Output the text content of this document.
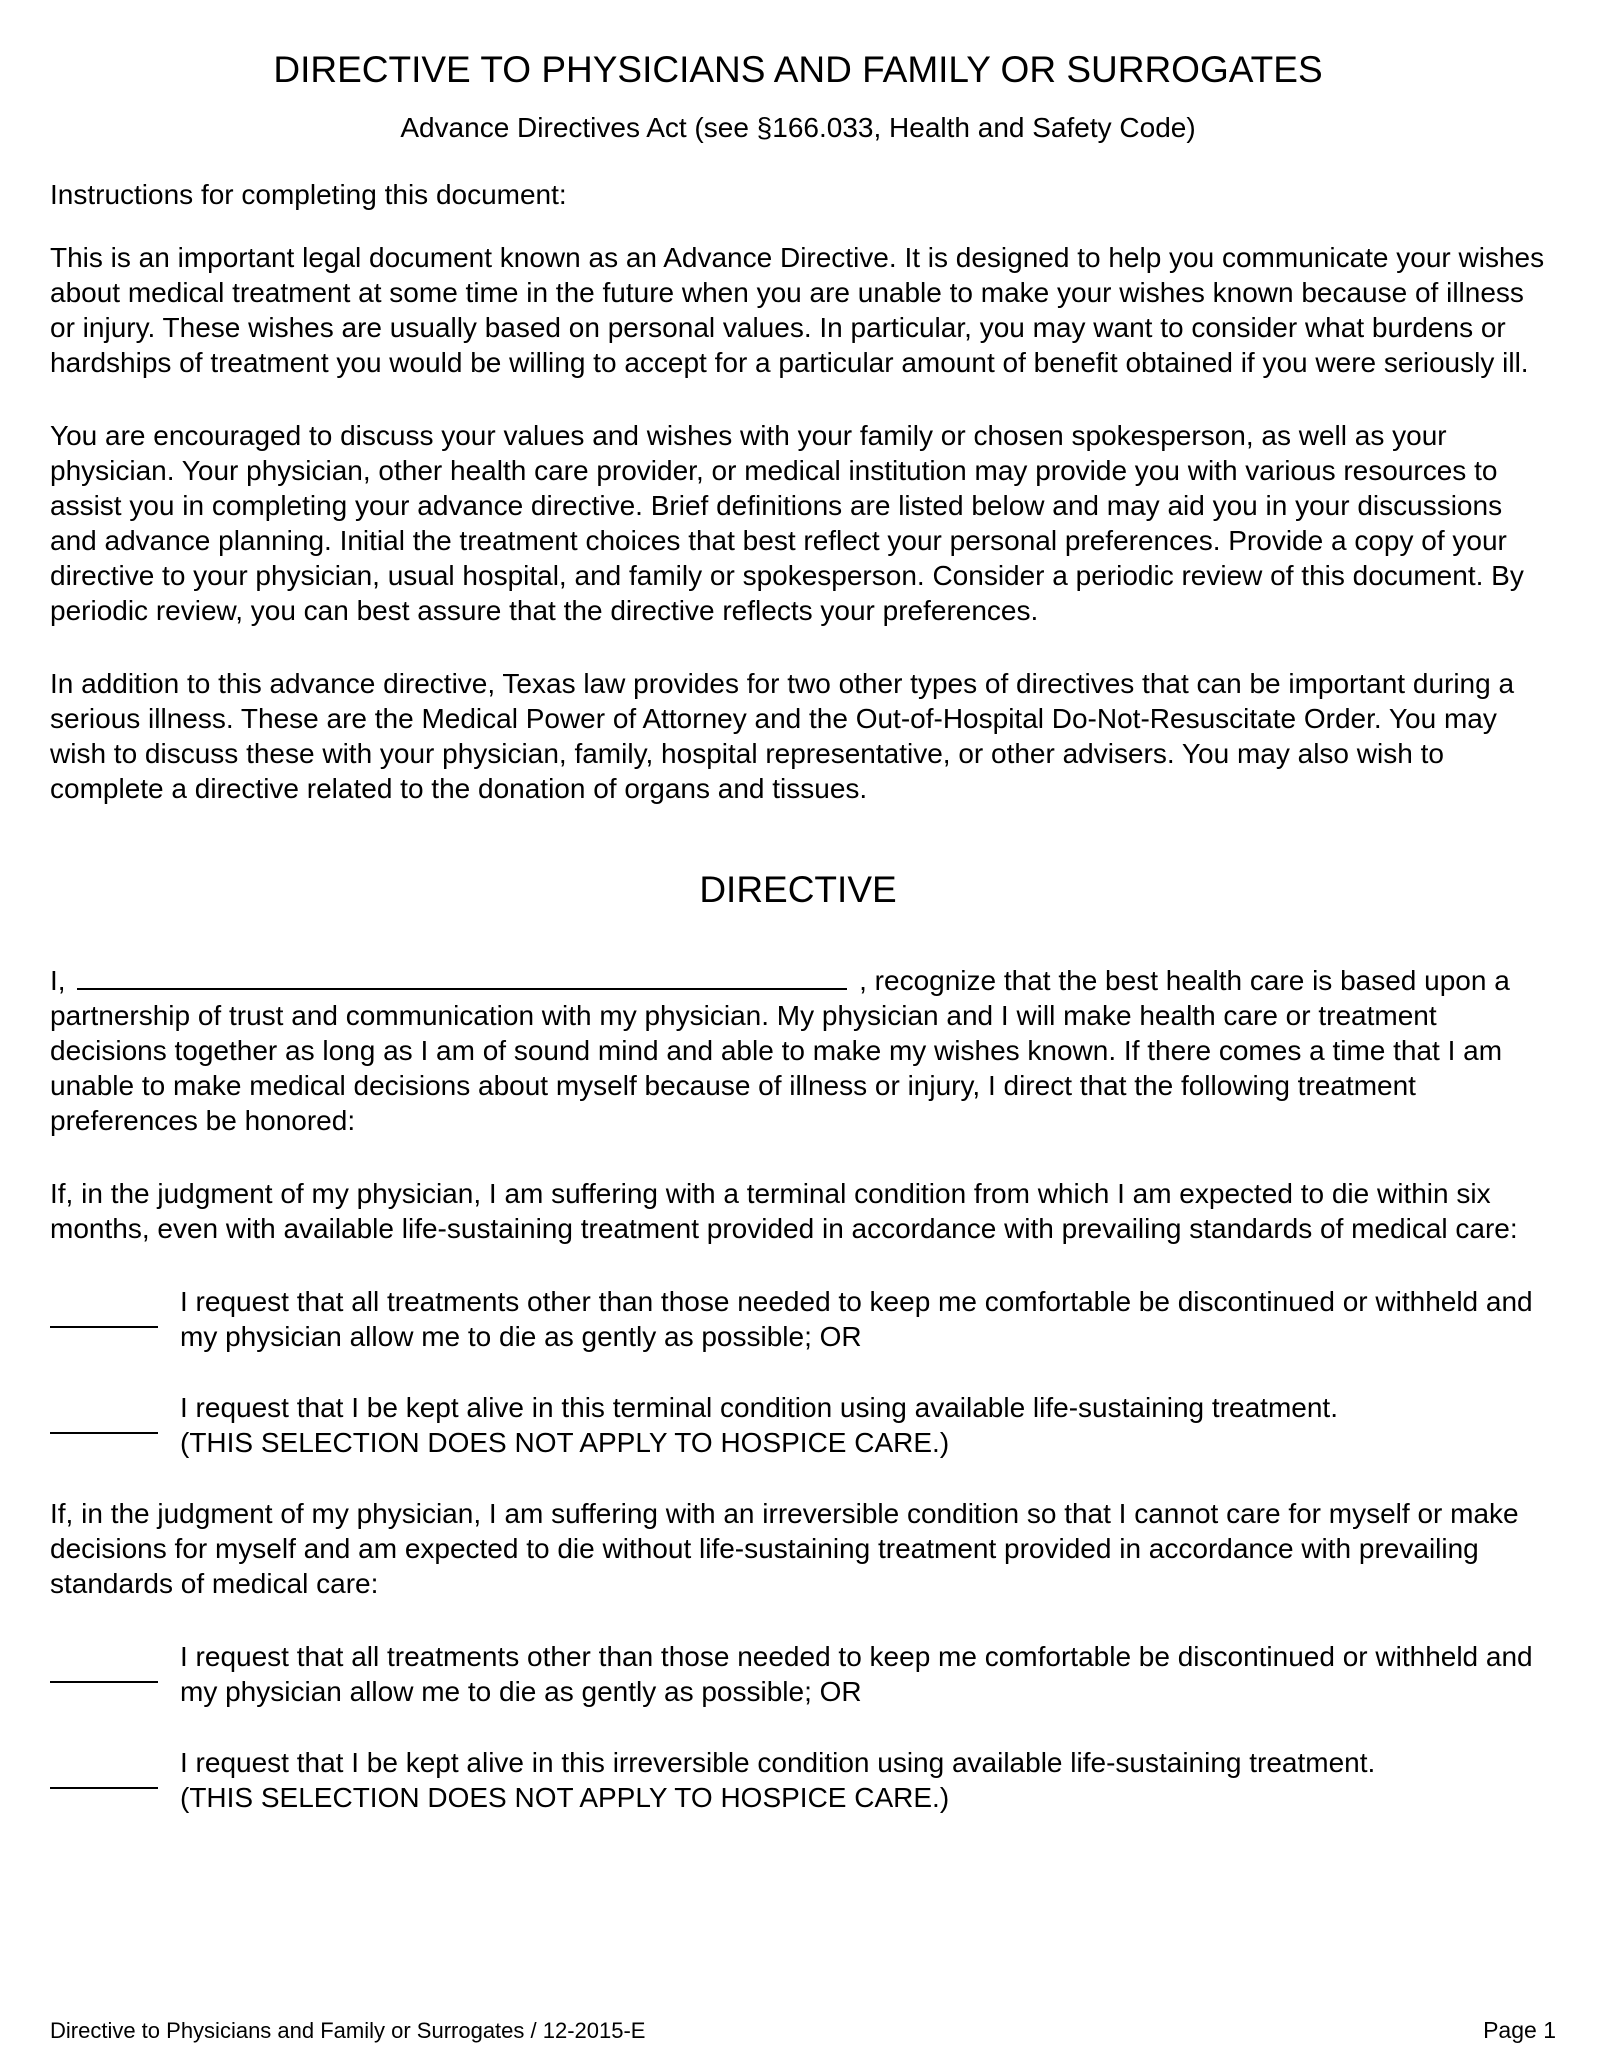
DIRECTIVE TO PHYSICIANS AND FAMILY OR SURROGATES
Advance Directives Act (see §166.033, Health and Safety Code)
Instructions for completing this document:

This is an important legal document known as an Advance Directive. It is designed to help you communicate your wishes about medical treatment at some time in the future when you are unable to make your wishes known because of illness or injury. These wishes are usually based on personal values. In particular, you may want to consider what burdens or hardships of treatment you would be willing to accept for a particular amount of benefit obtained if you were seriously ill.

You are encouraged to discuss your values and wishes with your family or chosen spokesperson, as well as your physician. Your physician, other health care provider, or medical institution may provide you with various resources to assist you in completing your advance directive. Brief definitions are listed below and may aid you in your discussions and advance planning. Initial the treatment choices that best reflect your personal preferences. Provide a copy of your directive to your physician, usual hospital, and family or spokesperson. Consider a periodic review of this document. By periodic review, you can best assure that the directive reflects your preferences.

In addition to this advance directive, Texas law provides for two other types of directives that can be important during a serious illness. These are the Medical Power of Attorney and the Out-of-Hospital Do-Not-Resuscitate Order. You may wish to discuss these with your physician, family, hospital representative, or other advisers. You may also wish to complete a directive related to the donation of organs and tissues.

DIRECTIVE

I,	, recognize that the best health care is based upon a partnership of trust and communication with my physician. My physician and I will make health care or treatment decisions together as long as I am of sound mind and able to make my wishes known. If there comes a time that I am unable to make medical decisions about myself because of illness or injury, I direct that the following treatment preferences be honored:

If, in the judgment of my physician, I am suffering with a terminal condition from which I am expected to die within six months, even with available life-sustaining treatment provided in accordance with prevailing standards of medical care:

I request that all treatments other than those needed to keep me comfortable be discontinued or withheld and my physician allow me to die as gently as possible; OR
I request that I be kept alive in this terminal condition using available life-sustaining treatment.
(THIS SELECTION DOES NOT APPLY TO HOSPICE CARE.)

If, in the judgment of my physician, I am suffering with an irreversible condition so that I cannot care for myself or make decisions for myself and am expected to die without life-sustaining treatment provided in accordance with prevailing standards of medical care:

I request that all treatments other than those needed to keep me comfortable be discontinued or withheld and my physician allow me to die as gently as possible; OR
I request that I be kept alive in this irreversible condition using available life-sustaining treatment.
(THIS SELECTION DOES NOT APPLY TO HOSPICE CARE.)
Directive to Physicians and Family or Surrogates / 12-2015-E	Page 1
